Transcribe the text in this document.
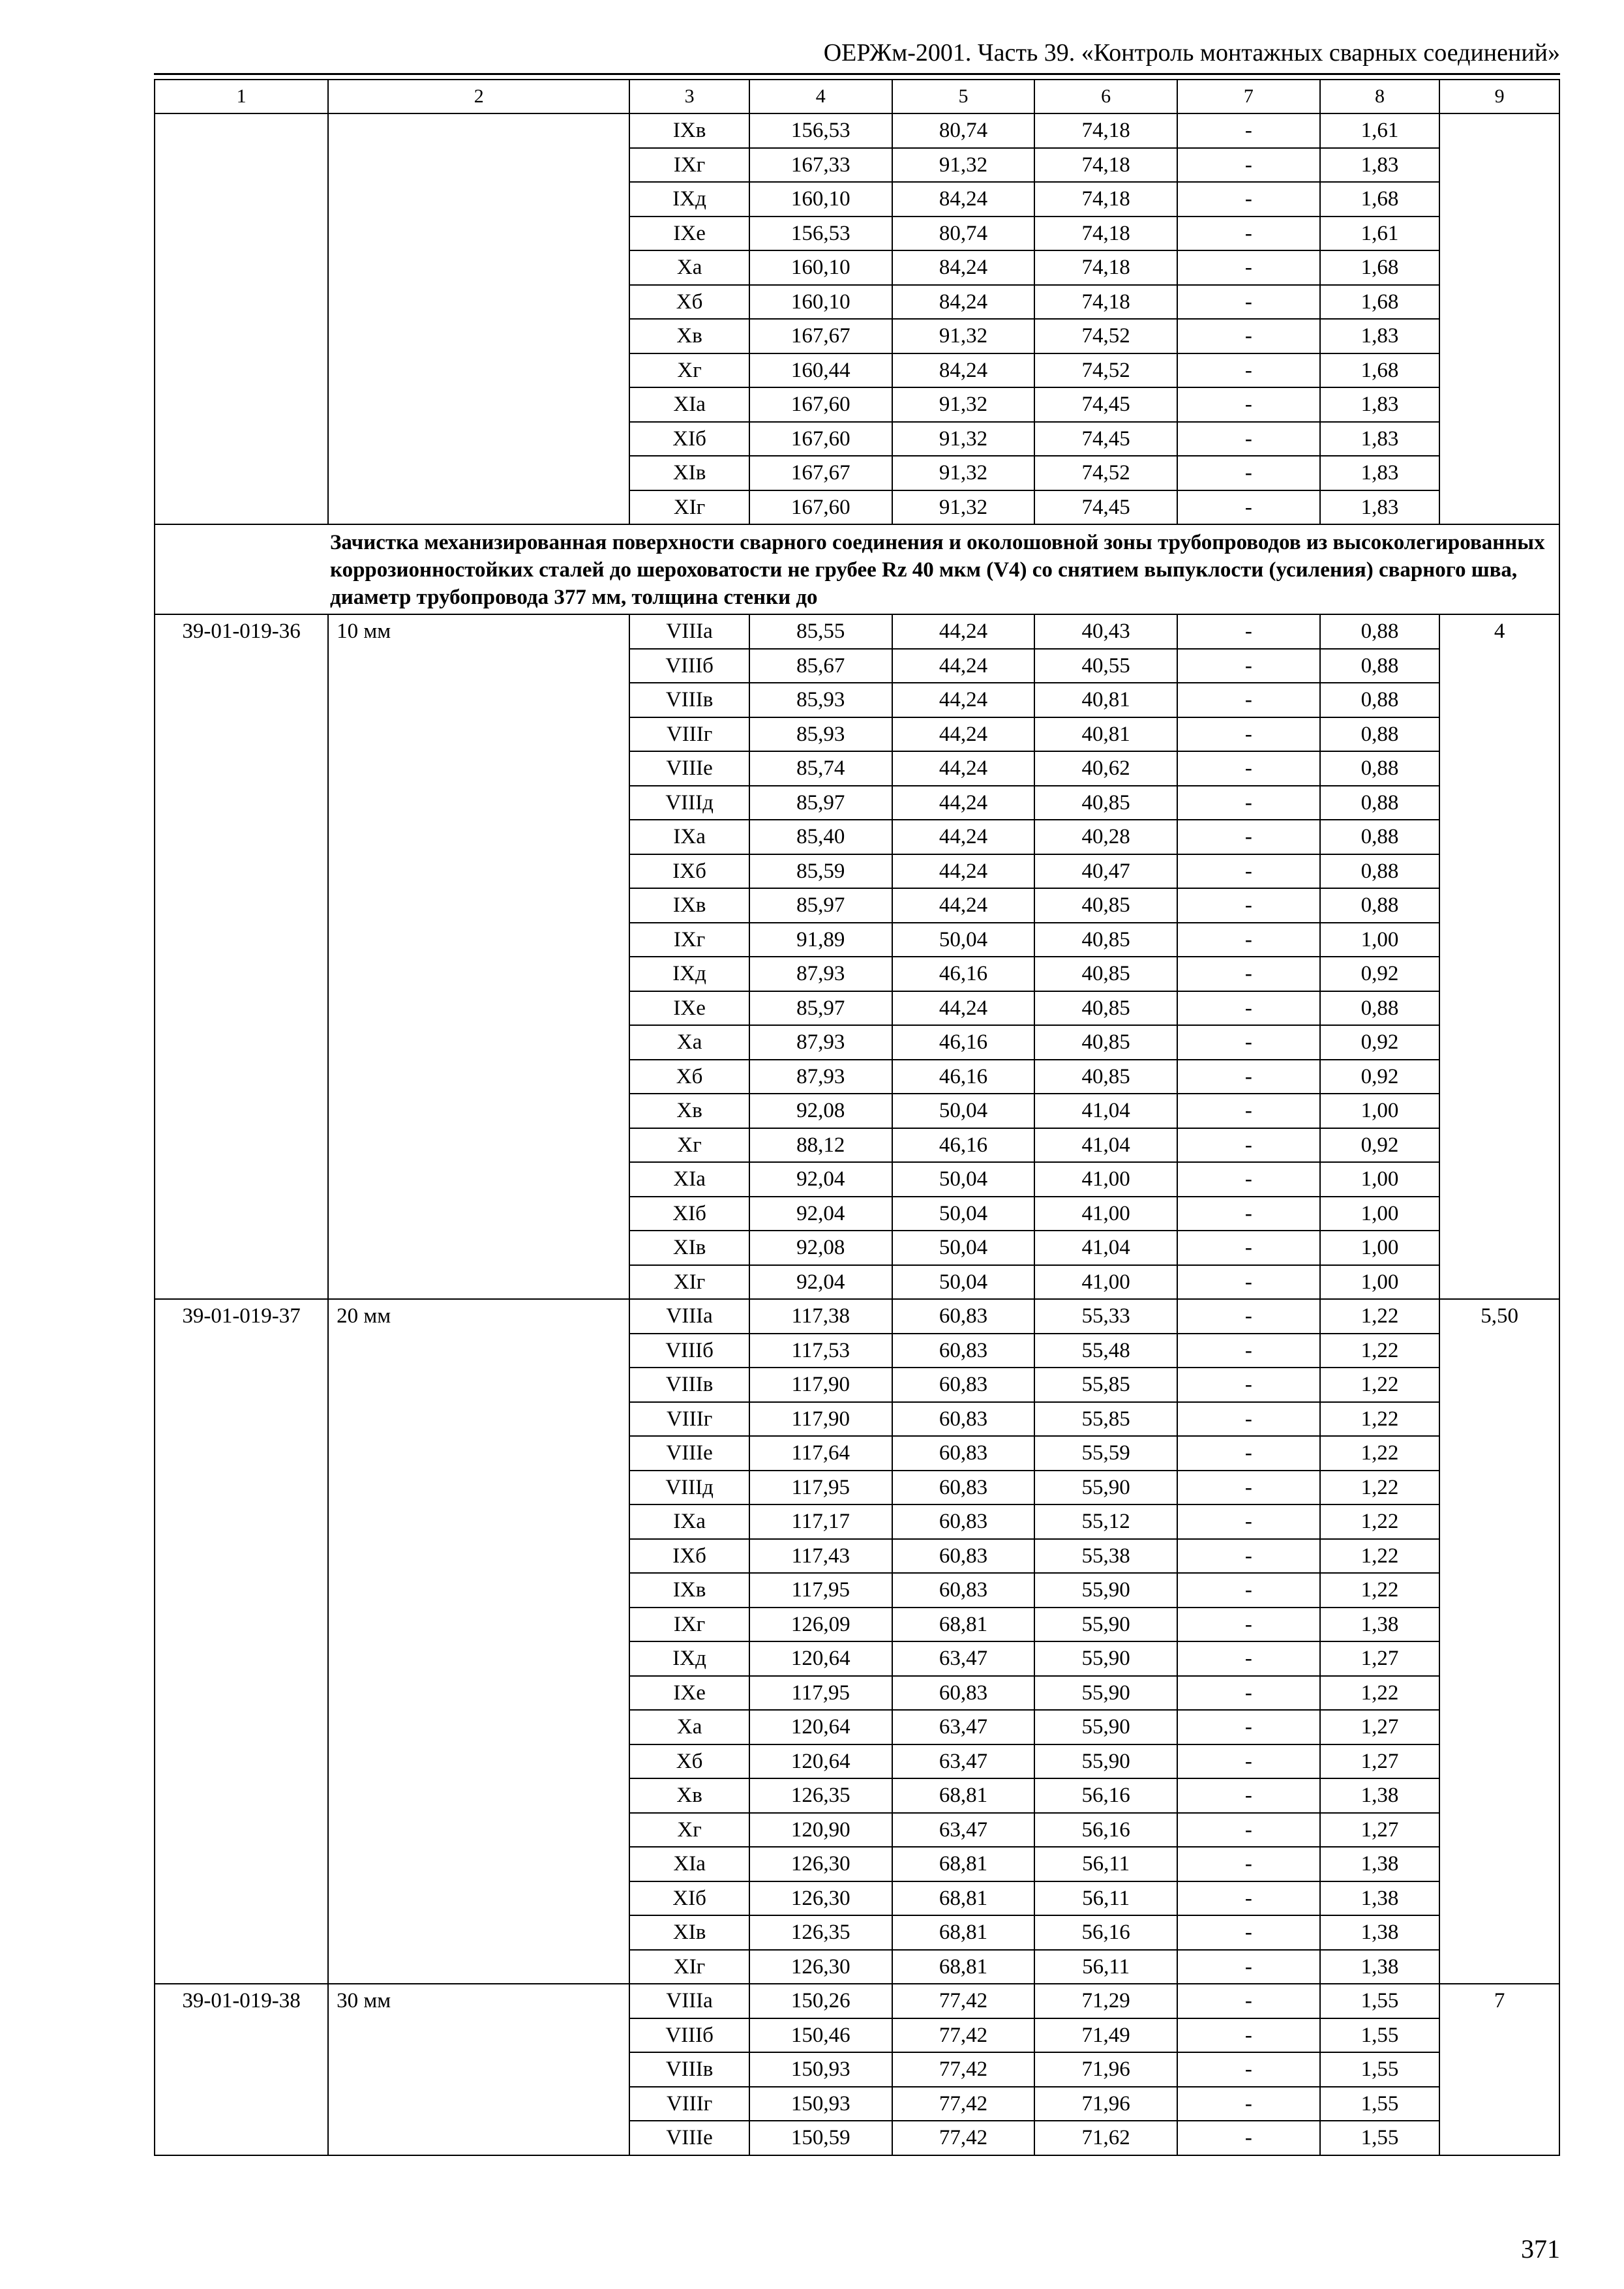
ОЕРЖм-2001. Часть 39. «Контроль монтажных сварных соединений»
1	2	3	4	5	6	7	8	9
		IXв	156,53	80,74	74,18	-	1,61	
		IXг	167,33	91,32	74,18	-	1,83	
		IXд	160,10	84,24	74,18	-	1,68	
		IXе	156,53	80,74	74,18	-	1,61	
		Xа	160,10	84,24	74,18	-	1,68	
		Xб	160,10	84,24	74,18	-	1,68	
		Xв	167,67	91,32	74,52	-	1,83	
		Xг	160,44	84,24	74,52	-	1,68	
		XIа	167,60	91,32	74,45	-	1,83	
		XIб	167,60	91,32	74,45	-	1,83	
		XIв	167,67	91,32	74,52	-	1,83	
		XIг	167,60	91,32	74,45	-	1,83	
Зачистка механизированная поверхности сварного соединения и околошовной зоны трубопроводов из высоколегированных коррозионностойких сталей до шероховатости не грубее Rz 40 мкм (V4) со снятием выпуклости (усиления) сварного шва, диаметр трубопровода 377 мм, толщина стенки до								
39-01-019-36	10 мм	VIIIа	85,55	44,24	40,43	-	0,88	4
		VIIIб	85,67	44,24	40,55	-	0,88	
		VIIIв	85,93	44,24	40,81	-	0,88	
		VIIIг	85,93	44,24	40,81	-	0,88	
		VIIIе	85,74	44,24	40,62	-	0,88	
		VIIIд	85,97	44,24	40,85	-	0,88	
		IXа	85,40	44,24	40,28	-	0,88	
		IXб	85,59	44,24	40,47	-	0,88	
		IXв	85,97	44,24	40,85	-	0,88	
		IXг	91,89	50,04	40,85	-	1,00	
		IXд	87,93	46,16	40,85	-	0,92	
		IXе	85,97	44,24	40,85	-	0,88	
		Xа	87,93	46,16	40,85	-	0,92	
		Xб	87,93	46,16	40,85	-	0,92	
		Xв	92,08	50,04	41,04	-	1,00	
		Xг	88,12	46,16	41,04	-	0,92	
		XIа	92,04	50,04	41,00	-	1,00	
		XIб	92,04	50,04	41,00	-	1,00	
		XIв	92,08	50,04	41,04	-	1,00	
		XIг	92,04	50,04	41,00	-	1,00	
39-01-019-37	20 мм	VIIIа	117,38	60,83	55,33	-	1,22	5,50
		VIIIб	117,53	60,83	55,48	-	1,22	
		VIIIв	117,90	60,83	55,85	-	1,22	
		VIIIг	117,90	60,83	55,85	-	1,22	
		VIIIе	117,64	60,83	55,59	-	1,22	
		VIIIд	117,95	60,83	55,90	-	1,22	
		IXа	117,17	60,83	55,12	-	1,22	
		IXб	117,43	60,83	55,38	-	1,22	
		IXв	117,95	60,83	55,90	-	1,22	
		IXг	126,09	68,81	55,90	-	1,38	
		IXд	120,64	63,47	55,90	-	1,27	
		IXе	117,95	60,83	55,90	-	1,22	
		Xа	120,64	63,47	55,90	-	1,27	
		Xб	120,64	63,47	55,90	-	1,27	
		Xв	126,35	68,81	56,16	-	1,38	
		Xг	120,90	63,47	56,16	-	1,27	
		XIа	126,30	68,81	56,11	-	1,38	
		XIб	126,30	68,81	56,11	-	1,38	
		XIв	126,35	68,81	56,16	-	1,38	
		XIг	126,30	68,81	56,11	-	1,38	
39-01-019-38	30 мм	VIIIа	150,26	77,42	71,29	-	1,55	7
		VIIIб	150,46	77,42	71,49	-	1,55	
		VIIIв	150,93	77,42	71,96	-	1,55	
		VIIIг	150,93	77,42	71,96	-	1,55	
		VIIIе	150,59	77,42	71,62	-	1,55	
371
